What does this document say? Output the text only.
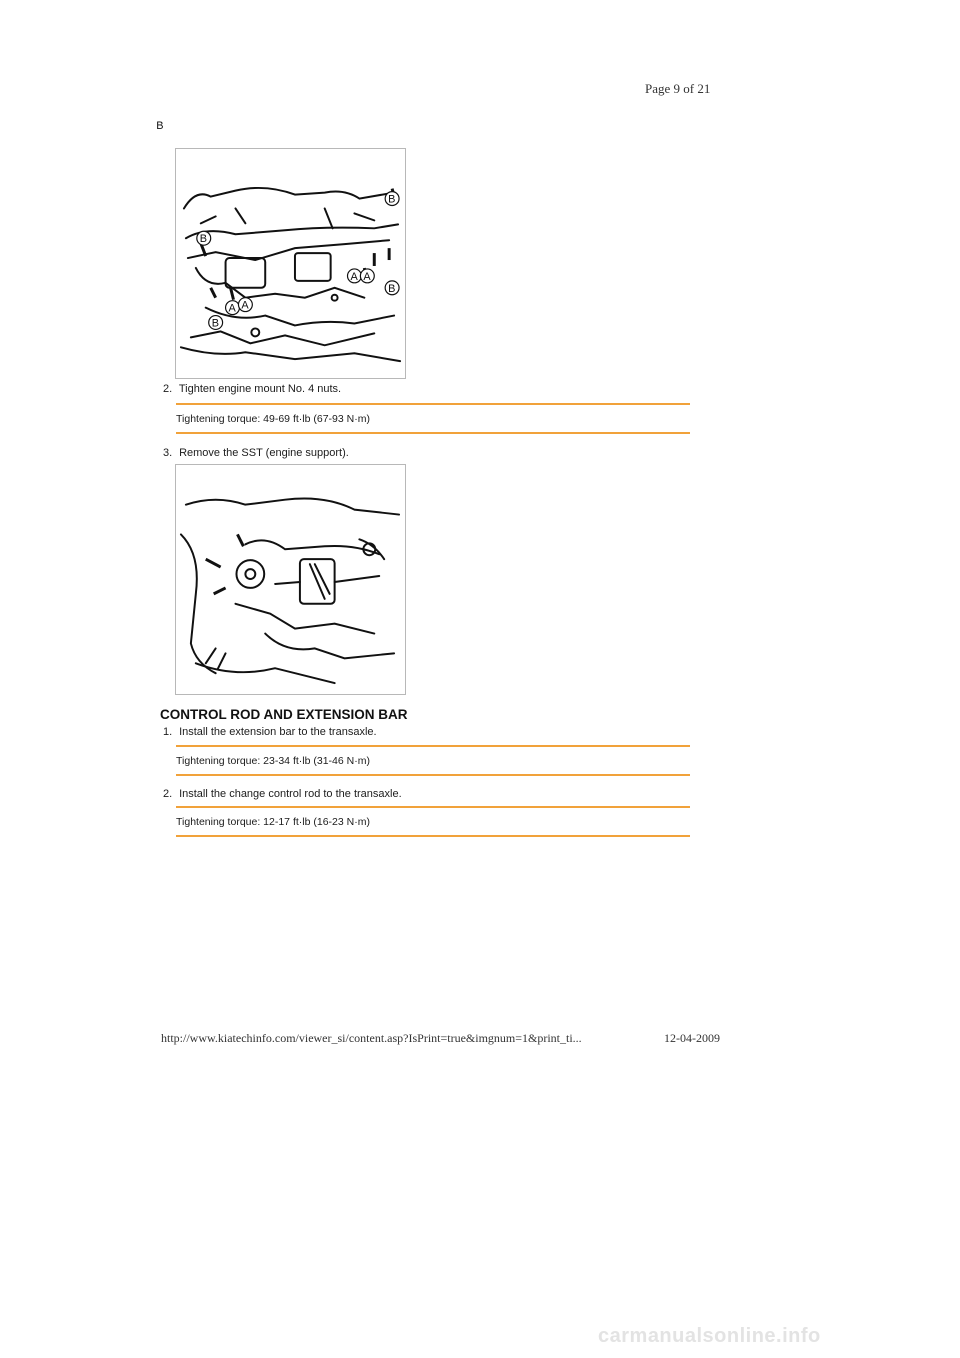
Page 9 of 21
B
B
B
B
A A
A A
B
2. Tighten engine mount No. 4 nuts.
Tightening torque: 49-69 ft·lb (67-93 N·m)
3. Remove the SST (engine support).
CONTROL ROD AND EXTENSION BAR
1. Install the extension bar to the transaxle.
Tightening torque: 23-34 ft·lb (31-46 N·m)
2. Install the change control rod to the transaxle.
Tightening torque: 12-17 ft·lb (16-23 N·m)
http://www.kiatechinfo.com/viewer_si/content.asp?IsPrint=true&imgnum=1&print_ti...	12-04-2009
carmanualsonline.info
